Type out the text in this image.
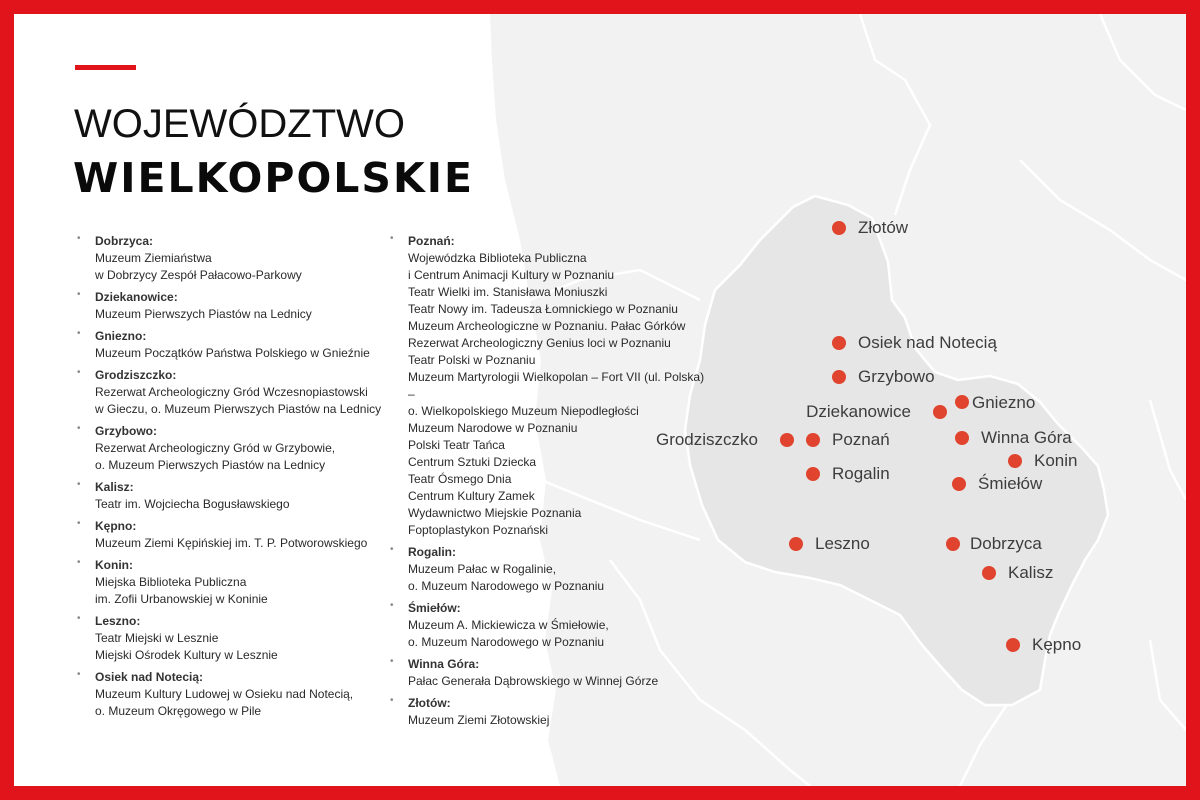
WOJEWÓDZTWO
WIELKOPOLSKIE
• Dobrzyca:
Muzeum Ziemiaństwa
w Dobrzycy Zespół Pałacowo-Parkowy
• Dziekanowice:
Muzeum Pierwszych Piastów na Lednicy
• Gniezno:
Muzeum Początków Państwa Polskiego w Gnieźnie
• Grodziszczko:
Rezerwat Archeologiczny Gród Wczesnopiastowski
w Gieczu, o. Muzeum Pierwszych Piastów na Lednicy
• Grzybowo:
Rezerwat Archeologiczny Gród w Grzybowie,
o. Muzeum Pierwszych Piastów na Lednicy
• Kalisz:
Teatr im. Wojciecha Bogusławskiego
• Kępno:
Muzeum Ziemi Kępińskiej im. T. P. Potworowskiego
• Konin:
Miejska Biblioteka Publiczna
im. Zofii Urbanowskiej w Koninie
• Leszno:
Teatr Miejski w Lesznie
Miejski Ośrodek Kultury w Lesznie
• Osiek nad Notecią:
Muzeum Kultury Ludowej w Osieku nad Notecią,
o. Muzeum Okręgowego w Pile
• Poznań:
Wojewódzka Biblioteka Publiczna
i Centrum Animacji Kultury w Poznaniu
Teatr Wielki im. Stanisława Moniuszki
Teatr Nowy im. Tadeusza Łomnickiego w Poznaniu
Muzeum Archeologiczne w Poznaniu. Pałac Górków
Rezerwat Archeologiczny Genius loci w Poznaniu
Teatr Polski w Poznaniu
Muzeum Martyrologii Wielkopolan – Fort VII (ul. Polska) –
o. Wielkopolskiego Muzeum Niepodległości
Muzeum Narodowe w Poznaniu
Polski Teatr Tańca
Centrum Sztuki Dziecka
Teatr Ósmego Dnia
Centrum Kultury Zamek
Wydawnictwo Miejskie Poznania
Foptoplastykon Poznański
• Rogalin:
Muzeum Pałac w Rogalinie,
o. Muzeum Narodowego w Poznaniu
• Śmiełów:
Muzeum A. Mickiewicza w Śmiełowie,
o. Muzeum Narodowego w Poznaniu
• Winna Góra:
Pałac Generała Dąbrowskiego w Winnej Górze
• Złotów:
Muzeum Ziemi Złotowskiej
Złotów
Osiek nad Notecią
Grzybowo
Dziekanowice	Gniezno
Grodziszczko	Poznań	Winna Góra
Konin
Rogalin
Śmiełów
Leszno	Dobrzyca
Kalisz
Kępno
